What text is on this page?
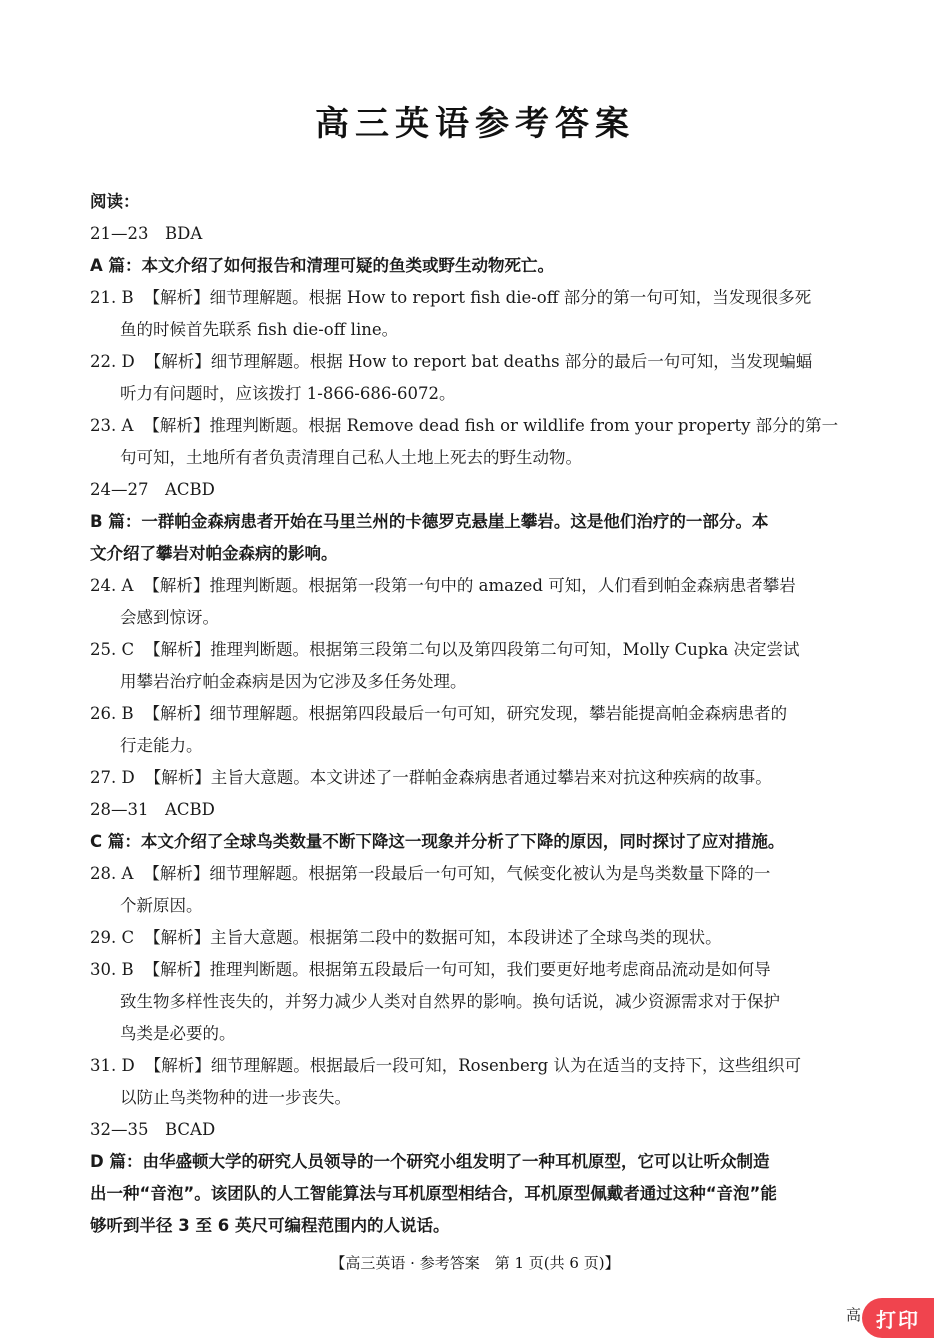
高三英语参考答案
阅读：
21—23　BDA
A 篇：本文介绍了如何报告和清理可疑的鱼类或野生动物死亡。
21. B 【解析】细节理解题。根据 How to report fish die-off 部分的第一句可知，当发现很多死
鱼的时候首先联系 fish die-off line。
22. D 【解析】细节理解题。根据 How to report bat deaths 部分的最后一句可知，当发现蝙蝠
听力有问题时，应该拨打 1-866-686-6072。
23. A 【解析】推理判断题。根据 Remove dead fish or wildlife from your property 部分的第一
句可知，土地所有者负责清理自己私人土地上死去的野生动物。
24—27　ACBD
B 篇：一群帕金森病患者开始在马里兰州的卡德罗克悬崖上攀岩。这是他们治疗的一部分。本
文介绍了攀岩对帕金森病的影响。
24. A 【解析】推理判断题。根据第一段第一句中的 amazed 可知，人们看到帕金森病患者攀岩
会感到惊讶。
25. C 【解析】推理判断题。根据第三段第二句以及第四段第二句可知，Molly Cupka 决定尝试
用攀岩治疗帕金森病是因为它涉及多任务处理。
26. B 【解析】细节理解题。根据第四段最后一句可知，研究发现，攀岩能提高帕金森病患者的
行走能力。
27. D 【解析】主旨大意题。本文讲述了一群帕金森病患者通过攀岩来对抗这种疾病的故事。
28—31　ACBD
C 篇：本文介绍了全球鸟类数量不断下降这一现象并分析了下降的原因，同时探讨了应对措施。
28. A 【解析】细节理解题。根据第一段最后一句可知，气候变化被认为是鸟类数量下降的一
个新原因。
29. C 【解析】主旨大意题。根据第二段中的数据可知，本段讲述了全球鸟类的现状。
30. B 【解析】推理判断题。根据第五段最后一句可知，我们要更好地考虑商品流动是如何导
致生物多样性丧失的，并努力减少人类对自然界的影响。换句话说，减少资源需求对于保护
鸟类是必要的。
31. D 【解析】细节理解题。根据最后一段可知，Rosenberg 认为在适当的支持下，这些组织可
以防止鸟类物种的进一步丧失。
32—35　BCAD
D 篇：由华盛顿大学的研究人员领导的一个研究小组发明了一种耳机原型，它可以让听众制造
出一种“音泡”。该团队的人工智能算法与耳机原型相结合，耳机原型佩戴者通过这种“音泡”能
够听到半径 3 至 6 英尺可编程范围内的人说话。
【高三英语 · 参考答案　第 1 页(共 6 页)】
高 打印
